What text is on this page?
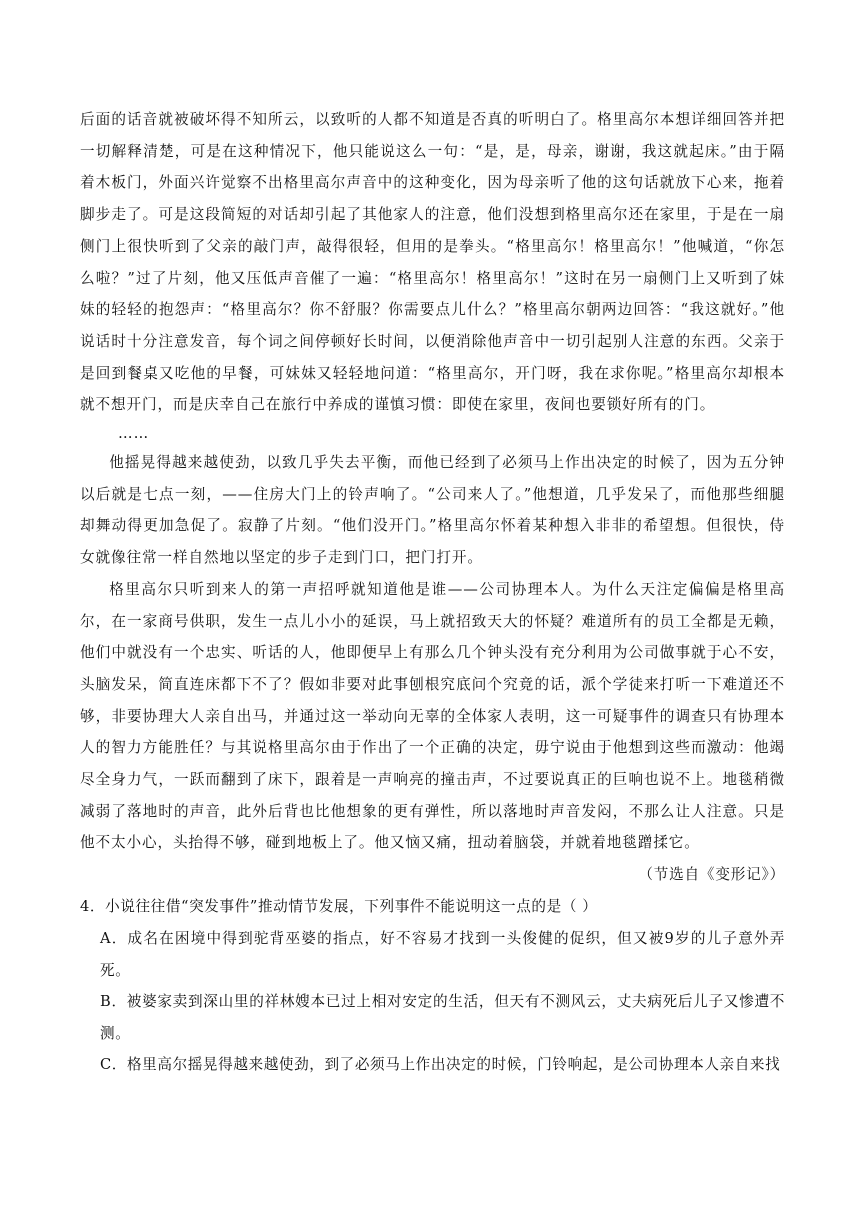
后面的话音就被破坏得不知所云，以致听的人都不知道是否真的听明白了。格里高尔本想详细回答并把一切解释清楚，可是在这种情况下，他只能说这么一句：“是，是，母亲，谢谢，我这就起床。”由于隔着木板门，外面兴许觉察不出格里高尔声音中的这种变化，因为母亲听了他的这句话就放下心来，拖着脚步走了。可是这段简短的对话却引起了其他家人的注意，他们没想到格里高尔还在家里，于是在一扇侧门上很快听到了父亲的敲门声，敲得很轻，但用的是拳头。“格里高尔！格里高尔！”他喊道，“你怎么啦？”过了片刻，他又压低声音催了一遍：“格里高尔！格里高尔！”这时在另一扇侧门上又听到了妹妹的轻轻的抱怨声：“格里高尔？你不舒服？你需要点儿什么？”格里高尔朝两边回答：“我这就好。”他说话时十分注意发音，每个词之间停顿好长时间，以便消除他声音中一切引起别人注意的东西。父亲于是回到餐桌又吃他的早餐，可妹妹又轻轻地问道：“格里高尔，开门呀，我在求你呢。”格里高尔却根本就不想开门，而是庆幸自己在旅行中养成的谨慎习惯：即使在家里，夜间也要锁好所有的门。

……

他摇晃得越来越使劲，以致几乎失去平衡，而他已经到了必须马上作出决定的时候了，因为五分钟以后就是七点一刻，——住房大门上的铃声响了。“公司来人了。”他想道，几乎发呆了，而他那些细腿却舞动得更加急促了。寂静了片刻。“他们没开门。”格里高尔怀着某种想入非非的希望想。但很快，侍女就像往常一样自然地以坚定的步子走到门口，把门打开。

格里高尔只听到来人的第一声招呼就知道他是谁——公司协理本人。为什么天注定偏偏是格里高尔，在一家商号供职，发生一点儿小小的延误，马上就招致天大的怀疑？难道所有的员工全都是无赖，他们中就没有一个忠实、听话的人，他即便早上有那么几个钟头没有充分利用为公司做事就于心不安，头脑发呆，简直连床都下不了？假如非要对此事刨根究底问个究竟的话，派个学徒来打听一下难道还不够，非要协理大人亲自出马，并通过这一举动向无辜的全体家人表明，这一可疑事件的调查只有协理本人的智力方能胜任？与其说格里高尔由于作出了一个正确的决定，毋宁说由于他想到这些而激动：他竭尽全身力气，一跃而翻到了床下，跟着是一声响亮的撞击声，不过要说真正的巨响也说不上。地毯稍微减弱了落地时的声音，此外后背也比他想象的更有弹性，所以落地时声音发闷，不那么让人注意。只是他不太小心，头抬得不够，碰到地板上了。他又恼又痛，扭动着脑袋，并就着地毯蹭揉它。

（节选自《变形记》）

4．小说往往借“突发事件”推动情节发展，下列事件不能说明这一点的是（ ）

A．成名在困境中得到驼背巫婆的指点，好不容易才找到一头俊健的促织，但又被9岁的儿子意外弄死。

B．被婆家卖到深山里的祥林嫂本已过上相对安定的生活，但天有不测风云，丈夫病死后儿子又惨遭不测。

C．格里高尔摇晃得越来越使劲，到了必须马上作出决定的时候，门铃响起，是公司协理本人亲自来找
